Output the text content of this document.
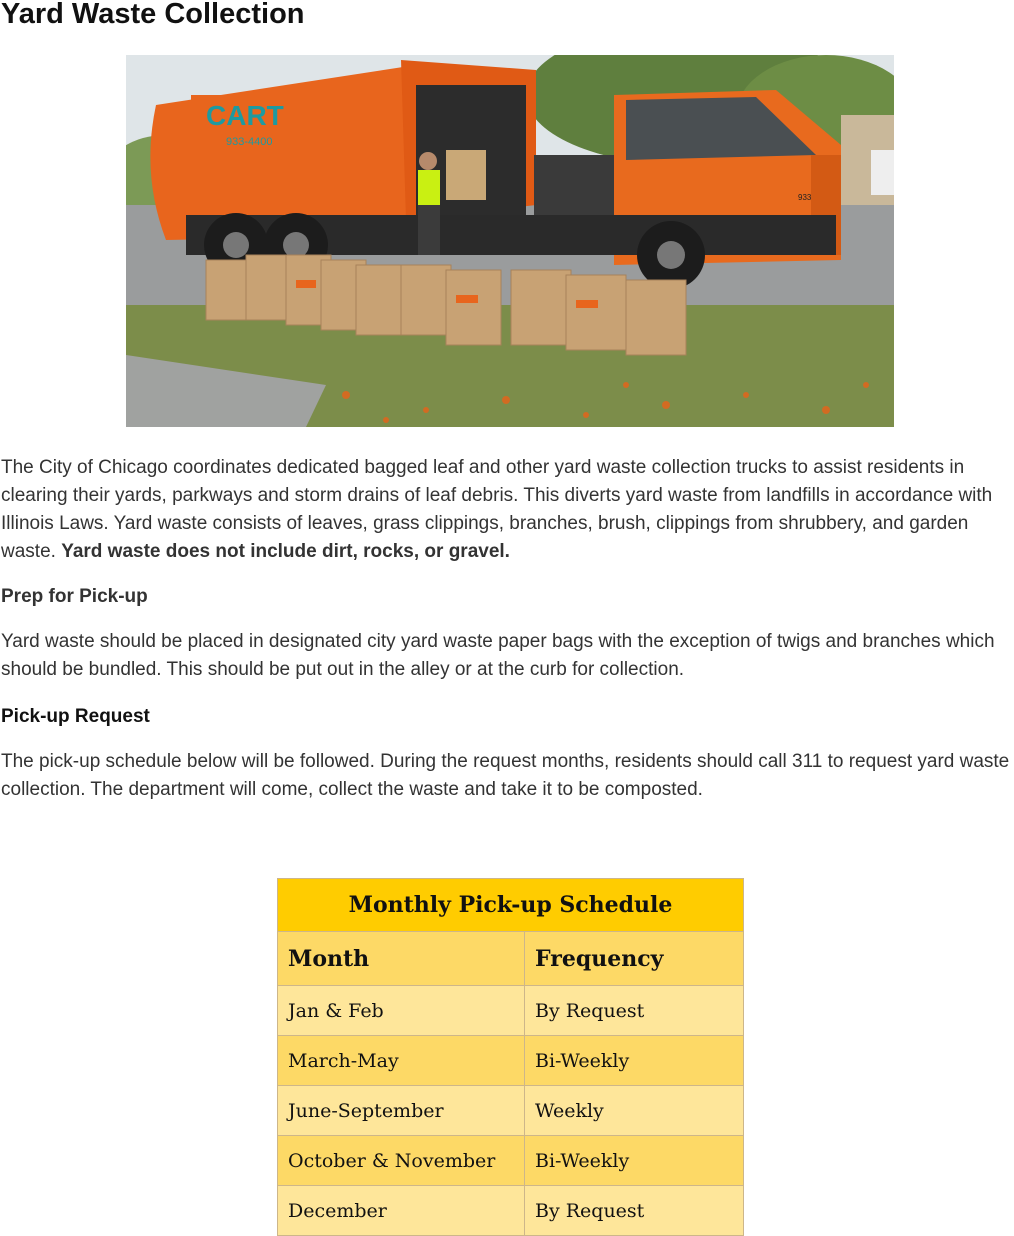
Yard Waste Collection
CART
933-4400
933

The City of Chicago coordinates dedicated bagged leaf and other yard waste collection trucks to assist residents in clearing their yards, parkways and storm drains of leaf debris. This diverts yard waste from landfills in accordance with Illinois Laws. Yard waste consists of leaves, grass clippings, branches, brush, clippings from shrubbery, and garden waste. Yard waste does not include dirt, rocks, or gravel.

Prep for Pick-up

Yard waste should be placed in designated city yard waste paper bags with the exception of twigs and branches which should be bundled. This should be put out in the alley or at the curb for collection.

Pick-up Request

The pick-up schedule below will be followed. During the request months, residents should call 311 to request yard waste collection. The department will come, collect the waste and take it to be composted.

Monthly Pick-up Schedule	
Month	Frequency
Jan & Feb	By Request
March-May	Bi-Weekly
June-September	Weekly
October & November	Bi-Weekly
December	By Request
